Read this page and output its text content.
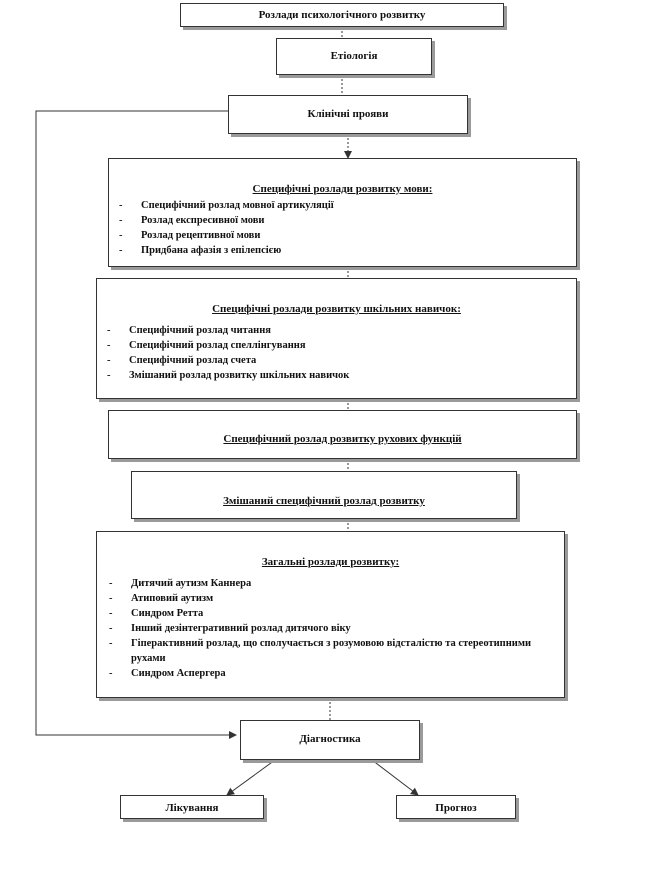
Розлади психологічного розвитку
Етіологія
Клінічні прояви
Специфічні розлади розвитку мови:
- Специфічний розлад мовної артикуляції
- Розлад експресивної мови
- Розлад рецептивної мови
- Придбана афазія з епілепсією
Специфічні розлади розвитку шкільних навичок:
- Специфічний розлад читання
- Специфічний розлад спеллінгування
- Специфічний розлад счета
- Змішаний розлад розвитку шкільних навичок
Специфічний розлад розвитку рухових функцій
Змішаний специфічний розлад розвитку
Загальні розлади розвитку:
- Дитячий аутизм Каннера
- Атиповий аутизм
- Синдром Ретта
- Інший дезінтегративний розлад дитячого віку
- Гіперактивний розлад, що сполучається з розумовою відсталістю та стереотипними рухами
- Синдром Аспергера
Діагностика
Лікування	Прогноз
